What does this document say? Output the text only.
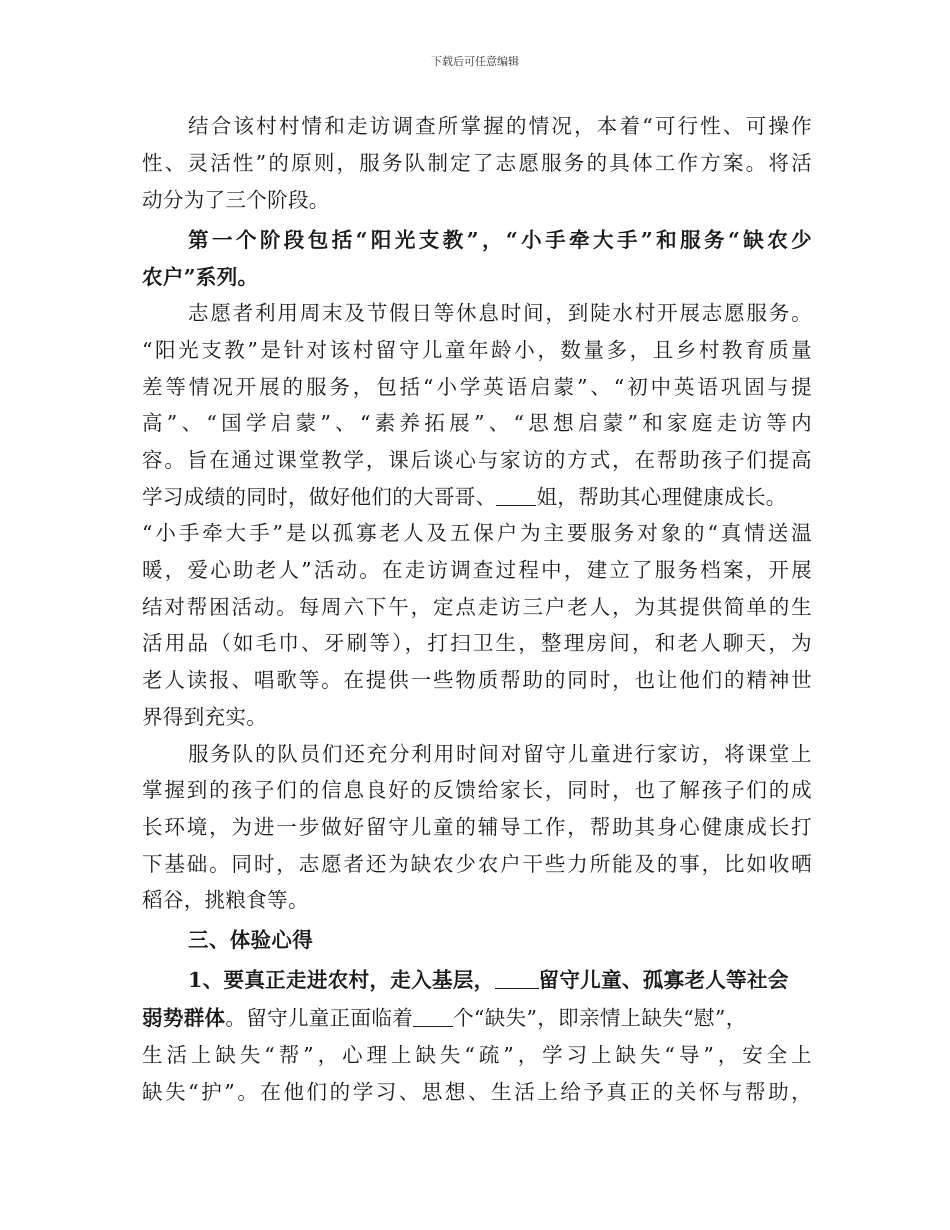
下载后可任意编辑
结合该村村情和走访调查所掌握的情况，本着“可行性、可操作
性、灵活性”的原则，服务队制定了志愿服务的具体工作方案。将活
动分为了三个阶段。
第一个阶段包括“阳光支教”，“小手牵大手”和服务“缺农少
农户”系列。
志愿者利用周末及节假日等休息时间，到陡水村开展志愿服务。
“阳光支教”是针对该村留守儿童年龄小，数量多，且乡村教育质量
差等情况开展的服务，包括“小学英语启蒙”、“初中英语巩固与提
高”、“国学启蒙”、“素养拓展”、“思想启蒙”和家庭走访等内
容。旨在通过课堂教学，课后谈心与家访的方式，在帮助孩子们提高
学习成绩的同时，做好他们的大哥哥、 姐，帮助其心理健康成长。
“小手牵大手”是以孤寡老人及五保户为主要服务对象的“真情送温
暖，爱心助老人”活动。在走访调查过程中，建立了服务档案，开展
结对帮困活动。每周六下午，定点走访三户老人，为其提供简单的生
活用品（如毛巾、牙刷等），打扫卫生，整理房间，和老人聊天，为
老人读报、唱歌等。在提供一些物质帮助的同时，也让他们的精神世
界得到充实。
服务队的队员们还充分利用时间对留守儿童进行家访，将课堂上
掌握到的孩子们的信息良好的反馈给家长，同时，也了解孩子们的成
长环境，为进一步做好留守儿童的辅导工作，帮助其身心健康成长打
下基础。同时，志愿者还为缺农少农户干些力所能及的事，比如收晒
稻谷，挑粮食等。
三、体验心得
1、要真正走进农村，走入基层， 留守儿童、孤寡老人等社会
弱势群体。留守儿童正面临着 个“缺失”，即亲情上缺失“慰”，
生活上缺失“帮”，心理上缺失“疏”，学习上缺失“导”，安全上
缺失“护”。在他们的学习、思想、生活上给予真正的关怀与帮助，
